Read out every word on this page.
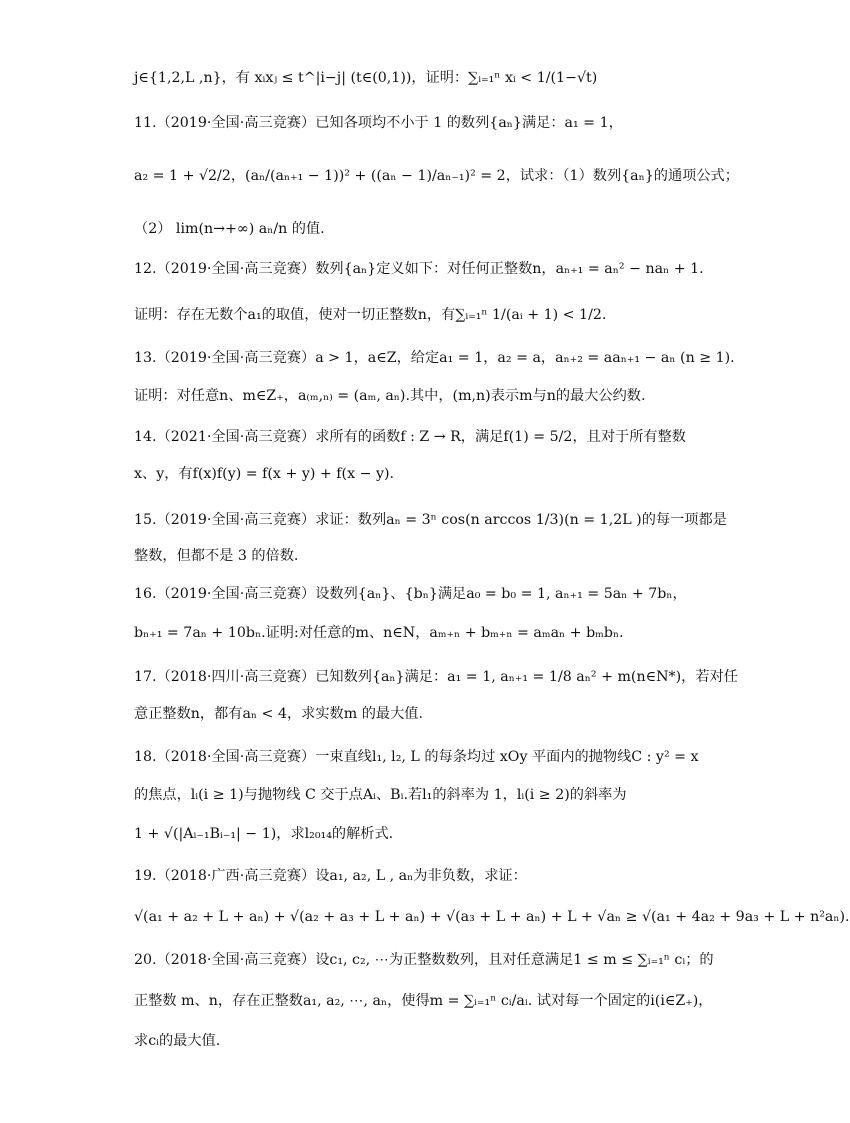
j∈{1,2,L ,n}，有 xᵢxⱼ ≤ t^|i−j| (t∈(0,1))，证明：∑ᵢ₌₁ⁿ xᵢ < 1/(1−√t)
11.（2019·全国·高三竞赛）已知各项均不小于 1 的数列{aₙ}满足：a₁ = 1，
a₂ = 1 + √2/2，(aₙ/(aₙ₊₁ − 1))² + ((aₙ − 1)/aₙ₋₁)² = 2，试求：（1）数列{aₙ}的通项公式；
（2） lim(n→+∞) aₙ/n 的值.
12.（2019·全国·高三竞赛）数列{aₙ}定义如下：对任何正整数n，aₙ₊₁ = aₙ² − naₙ + 1.
证明：存在无数个a₁的取值，使对一切正整数n，有∑ᵢ₌₁ⁿ 1/(aᵢ + 1) < 1/2.
13.（2019·全国·高三竞赛）a > 1，a∈Z，给定a₁ = 1，a₂ = a，aₙ₊₂ = aaₙ₊₁ − aₙ (n ≥ 1).
证明：对任意n、m∈Z₊，a₍ₘ,ₙ₎ = (aₘ, aₙ).其中，(m,n)表示m与n的最大公约数.
14.（2021·全国·高三竞赛）求所有的函数f : Z → R，满足f(1) = 5/2，且对于所有整数
x、y，有f(x)f(y) = f(x + y) + f(x − y).
15.（2019·全国·高三竞赛）求证：数列aₙ = 3ⁿ cos(n arccos 1/3)(n = 1,2L )的每一项都是
整数，但都不是 3 的倍数.
16.（2019·全国·高三竞赛）设数列{aₙ}、{bₙ}满足a₀ = b₀ = 1, aₙ₊₁ = 5aₙ + 7bₙ，
bₙ₊₁ = 7aₙ + 10bₙ.证明:对任意的m、n∈N，aₘ₊ₙ + bₘ₊ₙ = aₘaₙ + bₘbₙ.
17.（2018·四川·高三竞赛）已知数列{aₙ}满足：a₁ = 1, aₙ₊₁ = 1/8 aₙ² + m(n∈N*)，若对任
意正整数n，都有aₙ < 4，求实数m 的最大值.
18.（2018·全国·高三竞赛）一束直线l₁, l₂, L 的每条均过 xOy 平面内的抛物线C : y² = x
的焦点，lᵢ(i ≥ 1)与抛物线 C 交于点Aᵢ、Bᵢ.若l₁的斜率为 1，lᵢ(i ≥ 2)的斜率为
1 + √(|Aᵢ₋₁Bᵢ₋₁| − 1)，求l₂₀₁₄的解析式.
19.（2018·广西·高三竞赛）设a₁, a₂, L , aₙ为非负数，求证：
√(a₁ + a₂ + L + aₙ) + √(a₂ + a₃ + L + aₙ) + √(a₃ + L + aₙ) + L + √aₙ ≥ √(a₁ + 4a₂ + 9a₃ + L + n²aₙ).
20.（2018·全国·高三竞赛）设c₁, c₂, ⋯为正整数数列，且对任意满足1 ≤ m ≤ ∑ᵢ₌₁ⁿ cᵢ；的
正整数 m、n，存在正整数a₁, a₂, ⋯, aₙ，使得m = ∑ᵢ₌₁ⁿ cᵢ/aᵢ. 试对每一个固定的i(i∈Z₊)，
求cᵢ的最大值.
